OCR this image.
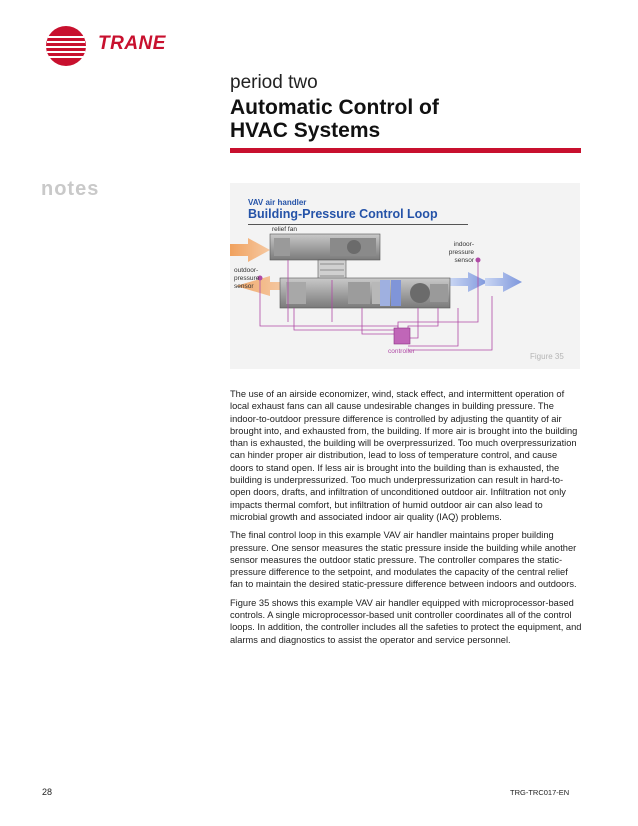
TRANE
period two
Automatic Control of
HVAC Systems
notes
VAV air handler
Building-Pressure Control Loop
relief fan
indoor-
pressure
sensor
outdoor-
pressure
sensor
controller
Figure 35

The use of an airside economizer, wind, stack effect, and intermittent operation of local exhaust fans can all cause undesirable changes in building pressure. The indoor-to-outdoor pressure difference is controlled by adjusting the quantity of air brought into, and exhausted from, the building. If more air is brought into the building than is exhausted, the building will be overpressurized. Too much overpressurization can hinder proper air distribution, lead to loss of temperature control, and cause doors to stand open. If less air is brought into the building than is exhausted, the building is underpressurized. Too much underpressurization can result in hard-to-open doors, drafts, and infiltration of unconditioned outdoor air. Infiltration not only impacts thermal comfort, but infiltration of humid outdoor air can also lead to microbial growth and associated indoor air quality (IAQ) problems.

The final control loop in this example VAV air handler maintains proper building pressure. One sensor measures the static pressure inside the building while another sensor measures the outdoor static pressure. The controller compares the static-pressure difference to the setpoint, and modulates the capacity of the central relief fan to maintain the desired static-pressure difference between indoors and outdoors.

Figure 35 shows this example VAV air handler equipped with microprocessor-based controls. A single microprocessor-based unit controller coordinates all of the control loops. In addition, the controller includes all the safeties to protect the equipment, and alarms and diagnostics to assist the operator and service personnel.

28	TRG-TRC017-EN
